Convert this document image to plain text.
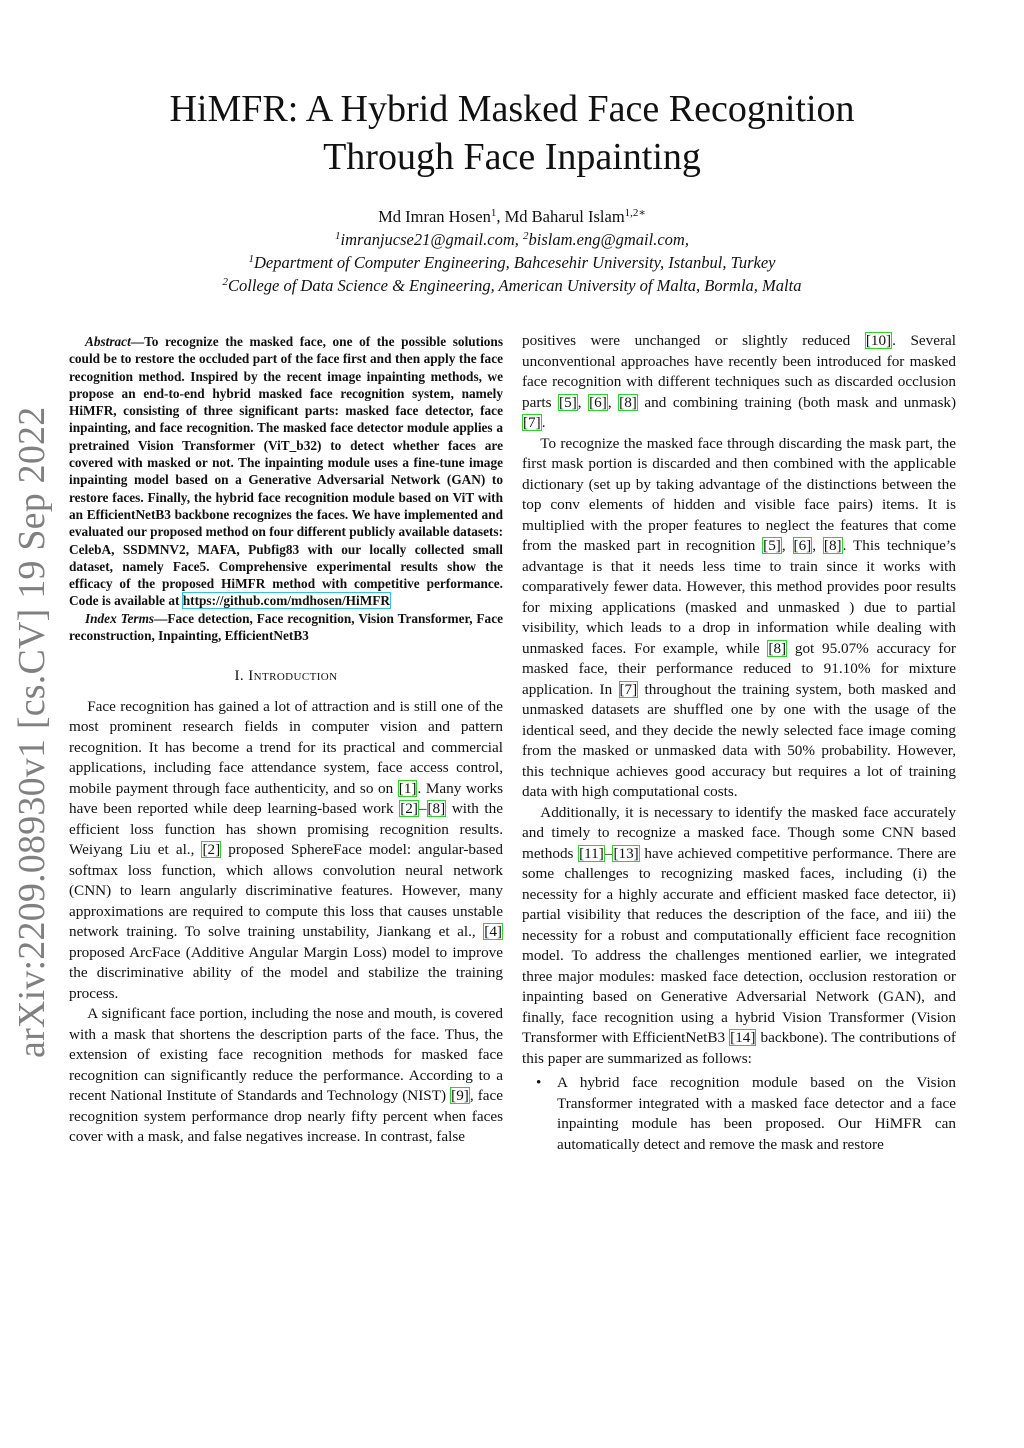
HiMFR: A Hybrid Masked Face Recognition
Through Face Inpainting
Md Imran Hosen$^1$, Md Baharul Islam$^{1,2∗}$
$^1$imranjucse21@gmail.com, $^2$bislam.eng@gmail.com,
$^1$Department of Computer Engineering, Bahcesehir University, Istanbul, Turkey
$^2$College of Data Science & Engineering, American University of Malta, Bormla, Malta
arXiv:2209.08930v1 [cs.CV] 19 Sep 2022

Abstract—To recognize the masked face, one of the possible solutions could be to restore the occluded part of the face first and then apply the face recognition method. Inspired by the recent image inpainting methods, we propose an end-to-end hybrid masked face recognition system, namely HiMFR, consisting of three significant parts: masked face detector, face inpainting, and face recognition. The masked face detector module applies a pretrained Vision Transformer (ViT_b32) to detect whether faces are covered with masked or not. The inpainting module uses a fine-tune image inpainting model based on a Generative Adversarial Network (GAN) to restore faces. Finally, the hybrid face recognition module based on ViT with an EfficientNetB3 backbone recognizes the faces. We have implemented and evaluated our proposed method on four different publicly available datasets: CelebA, SSDMNV2, MAFA, Pubfig83 with our locally collected small dataset, namely Face5. Comprehensive experimental results show the efficacy of the proposed HiMFR method with competitive performance. Code is available at https://github.com/mdhosen/HiMFR

Index Terms—Face detection, Face recognition, Vision Transformer, Face reconstruction, Inpainting, EfficientNetB3

I. Introduction

Face recognition has gained a lot of attraction and is still one of the most prominent research fields in computer vision and pattern recognition. It has become a trend for its practical and commercial applications, including face attendance system, face access control, mobile payment through face authenticity, and so on [1]. Many works have been reported while deep learning-based work [2]–[8] with the efficient loss function has shown promising recognition results. Weiyang Liu et al., [2] proposed SphereFace model: angular-based softmax loss function, which allows convolution neural network (CNN) to learn angularly discriminative features. However, many approximations are required to compute this loss that causes unstable network training. To solve training unstability, Jiankang et al., [4] proposed ArcFace (Additive Angular Margin Loss) model to improve the discriminative ability of the model and stabilize the training process.

A significant face portion, including the nose and mouth, is covered with a mask that shortens the description parts of the face. Thus, the extension of existing face recognition methods for masked face recognition can significantly reduce the performance. According to a recent National Institute of Standards and Technology (NIST) [9], face recognition system performance drop nearly fifty percent when faces cover with a mask, and false negatives increase. In contrast, false

positives were unchanged or slightly reduced [10]. Several unconventional approaches have recently been introduced for masked face recognition with different techniques such as discarded occlusion parts [5], [6], [8] and combining training (both mask and unmask) [7].

To recognize the masked face through discarding the mask part, the first mask portion is discarded and then combined with the applicable dictionary (set up by taking advantage of the distinctions between the top conv elements of hidden and visible face pairs) items. It is multiplied with the proper features to neglect the features that come from the masked part in recognition [5], [6], [8]. This technique’s advantage is that it needs less time to train since it works with comparatively fewer data. However, this method provides poor results for mixing applications (masked and unmasked ) due to partial visibility, which leads to a drop in information while dealing with unmasked faces. For example, while [8] got 95.07% accuracy for masked face, their performance reduced to 91.10% for mixture application. In [7] throughout the training system, both masked and unmasked datasets are shuffled one by one with the usage of the identical seed, and they decide the newly selected face image coming from the masked or unmasked data with 50% probability. However, this technique achieves good accuracy but requires a lot of training data with high computational costs.

Additionally, it is necessary to identify the masked face accurately and timely to recognize a masked face. Though some CNN based methods [11]–[13] have achieved competitive performance. There are some challenges to recognizing masked faces, including (i) the necessity for a highly accurate and efficient masked face detector, ii) partial visibility that reduces the description of the face, and iii) the necessity for a robust and computationally efficient face recognition model. To address the challenges mentioned earlier, we integrated three major modules: masked face detection, occlusion restoration or inpainting based on Generative Adversarial Network (GAN), and finally, face recognition using a hybrid Vision Transformer (Vision Transformer with EfficientNetB3 [14] backbone). The contributions of this paper are summarized as follows:

• A hybrid face recognition module based on the Vision Transformer integrated with a masked face detector and a face inpainting module has been proposed. Our HiMFR can automatically detect and remove the mask and restore
